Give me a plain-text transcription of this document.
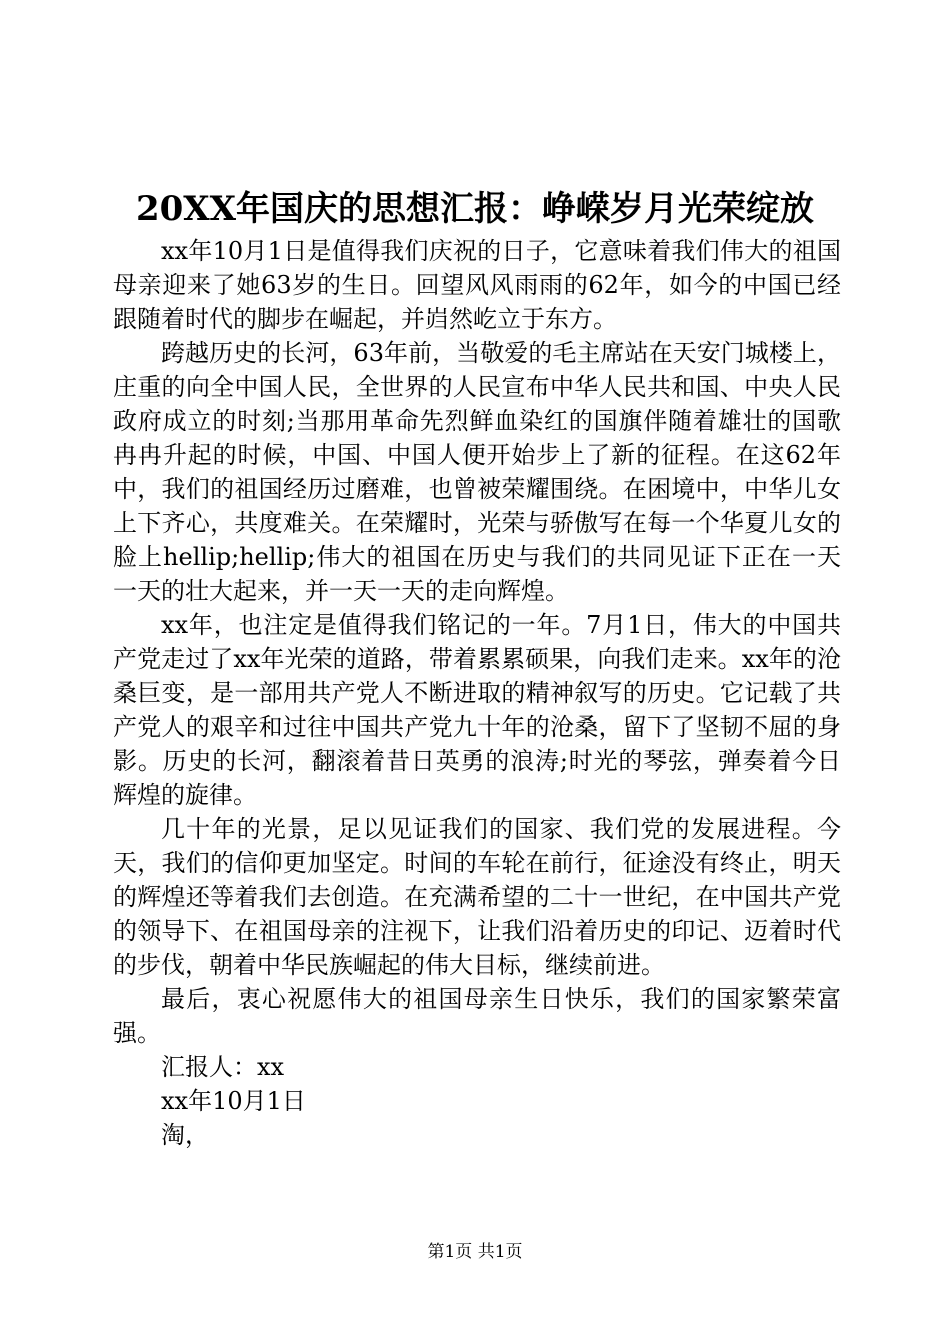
20XX年国庆的思想汇报：峥嵘岁月光荣绽放

xx年10月1日是值得我们庆祝的日子，它意味着我们伟大的祖国母亲迎来了她63岁的生日。回望风风雨雨的62年，如今的中国已经跟随着时代的脚步在崛起，并岿然屹立于东方。

跨越历史的长河，63年前，当敬爱的毛主席站在天安门城楼上，庄重的向全中国人民，全世界的人民宣布中华人民共和国、中央人民政府成立的时刻;当那用革命先烈鲜血染红的国旗伴随着雄壮的国歌冉冉升起的时候，中国、中国人便开始步上了新的征程。在这62年中，我们的祖国经历过磨难，也曾被荣耀围绕。在困境中，中华儿女上下齐心，共度难关。在荣耀时，光荣与骄傲写在每一个华夏儿女的脸上hellip;hellip;伟大的祖国在历史与我们的共同见证下正在一天一天的壮大起来，并一天一天的走向辉煌。

xx年，也注定是值得我们铭记的一年。7月1日，伟大的中国共产党走过了xx年光荣的道路，带着累累硕果，向我们走来。xx年的沧桑巨变，是一部用共产党人不断进取的精神叙写的历史。它记载了共产党人的艰辛和过往中国共产党九十年的沧桑，留下了坚韧不屈的身影。历史的长河，翻滚着昔日英勇的浪涛;时光的琴弦，弹奏着今日辉煌的旋律。

几十年的光景，足以见证我们的国家、我们党的发展进程。今天，我们的信仰更加坚定。时间的车轮在前行，征途没有终止，明天的辉煌还等着我们去创造。在充满希望的二十一世纪，在中国共产党的领导下、在祖国母亲的注视下，让我们沿着历史的印记、迈着时代的步伐，朝着中华民族崛起的伟大目标，继续前进。

最后，衷心祝愿伟大的祖国母亲生日快乐，我们的国家繁荣富强。

汇报人：xx

xx年10月1日

淘，

第1页 共1页
